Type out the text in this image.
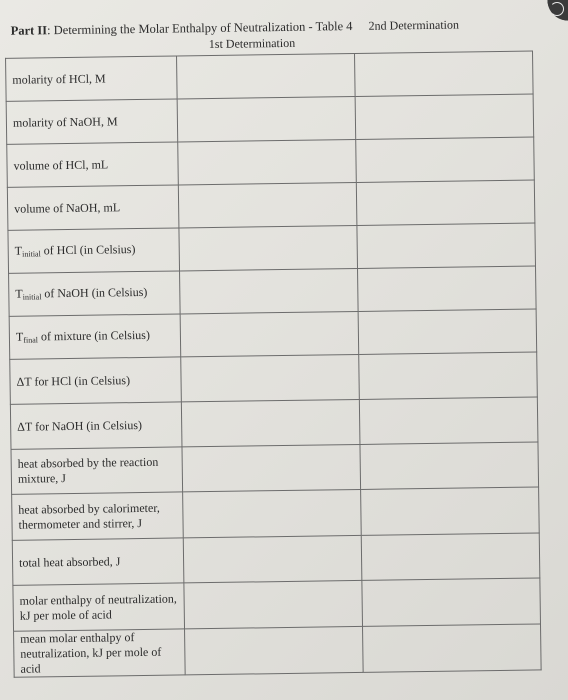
Part II: Determining the Molar Enthalpy of Neutralization - Table 4
1st Determination
2nd Determination
molarity of HCl, M		
molarity of NaOH, M		
volume of HCl, mL		
volume of NaOH, mL		
Tinitial of HCl (in Celsius)		
Tinitial of NaOH (in Celsius)		
Tfinal of mixture (in Celsius)		
ΔT for HCl (in Celsius)		
ΔT for NaOH (in Celsius)		
heat absorbed by the reaction mixture, J		
heat absorbed by calorimeter, thermometer and stirrer, J		
total heat absorbed, J		
molar enthalpy of neutralization, kJ per mole of acid		
mean molar enthalpy of neutralization, kJ per mole of acid		
